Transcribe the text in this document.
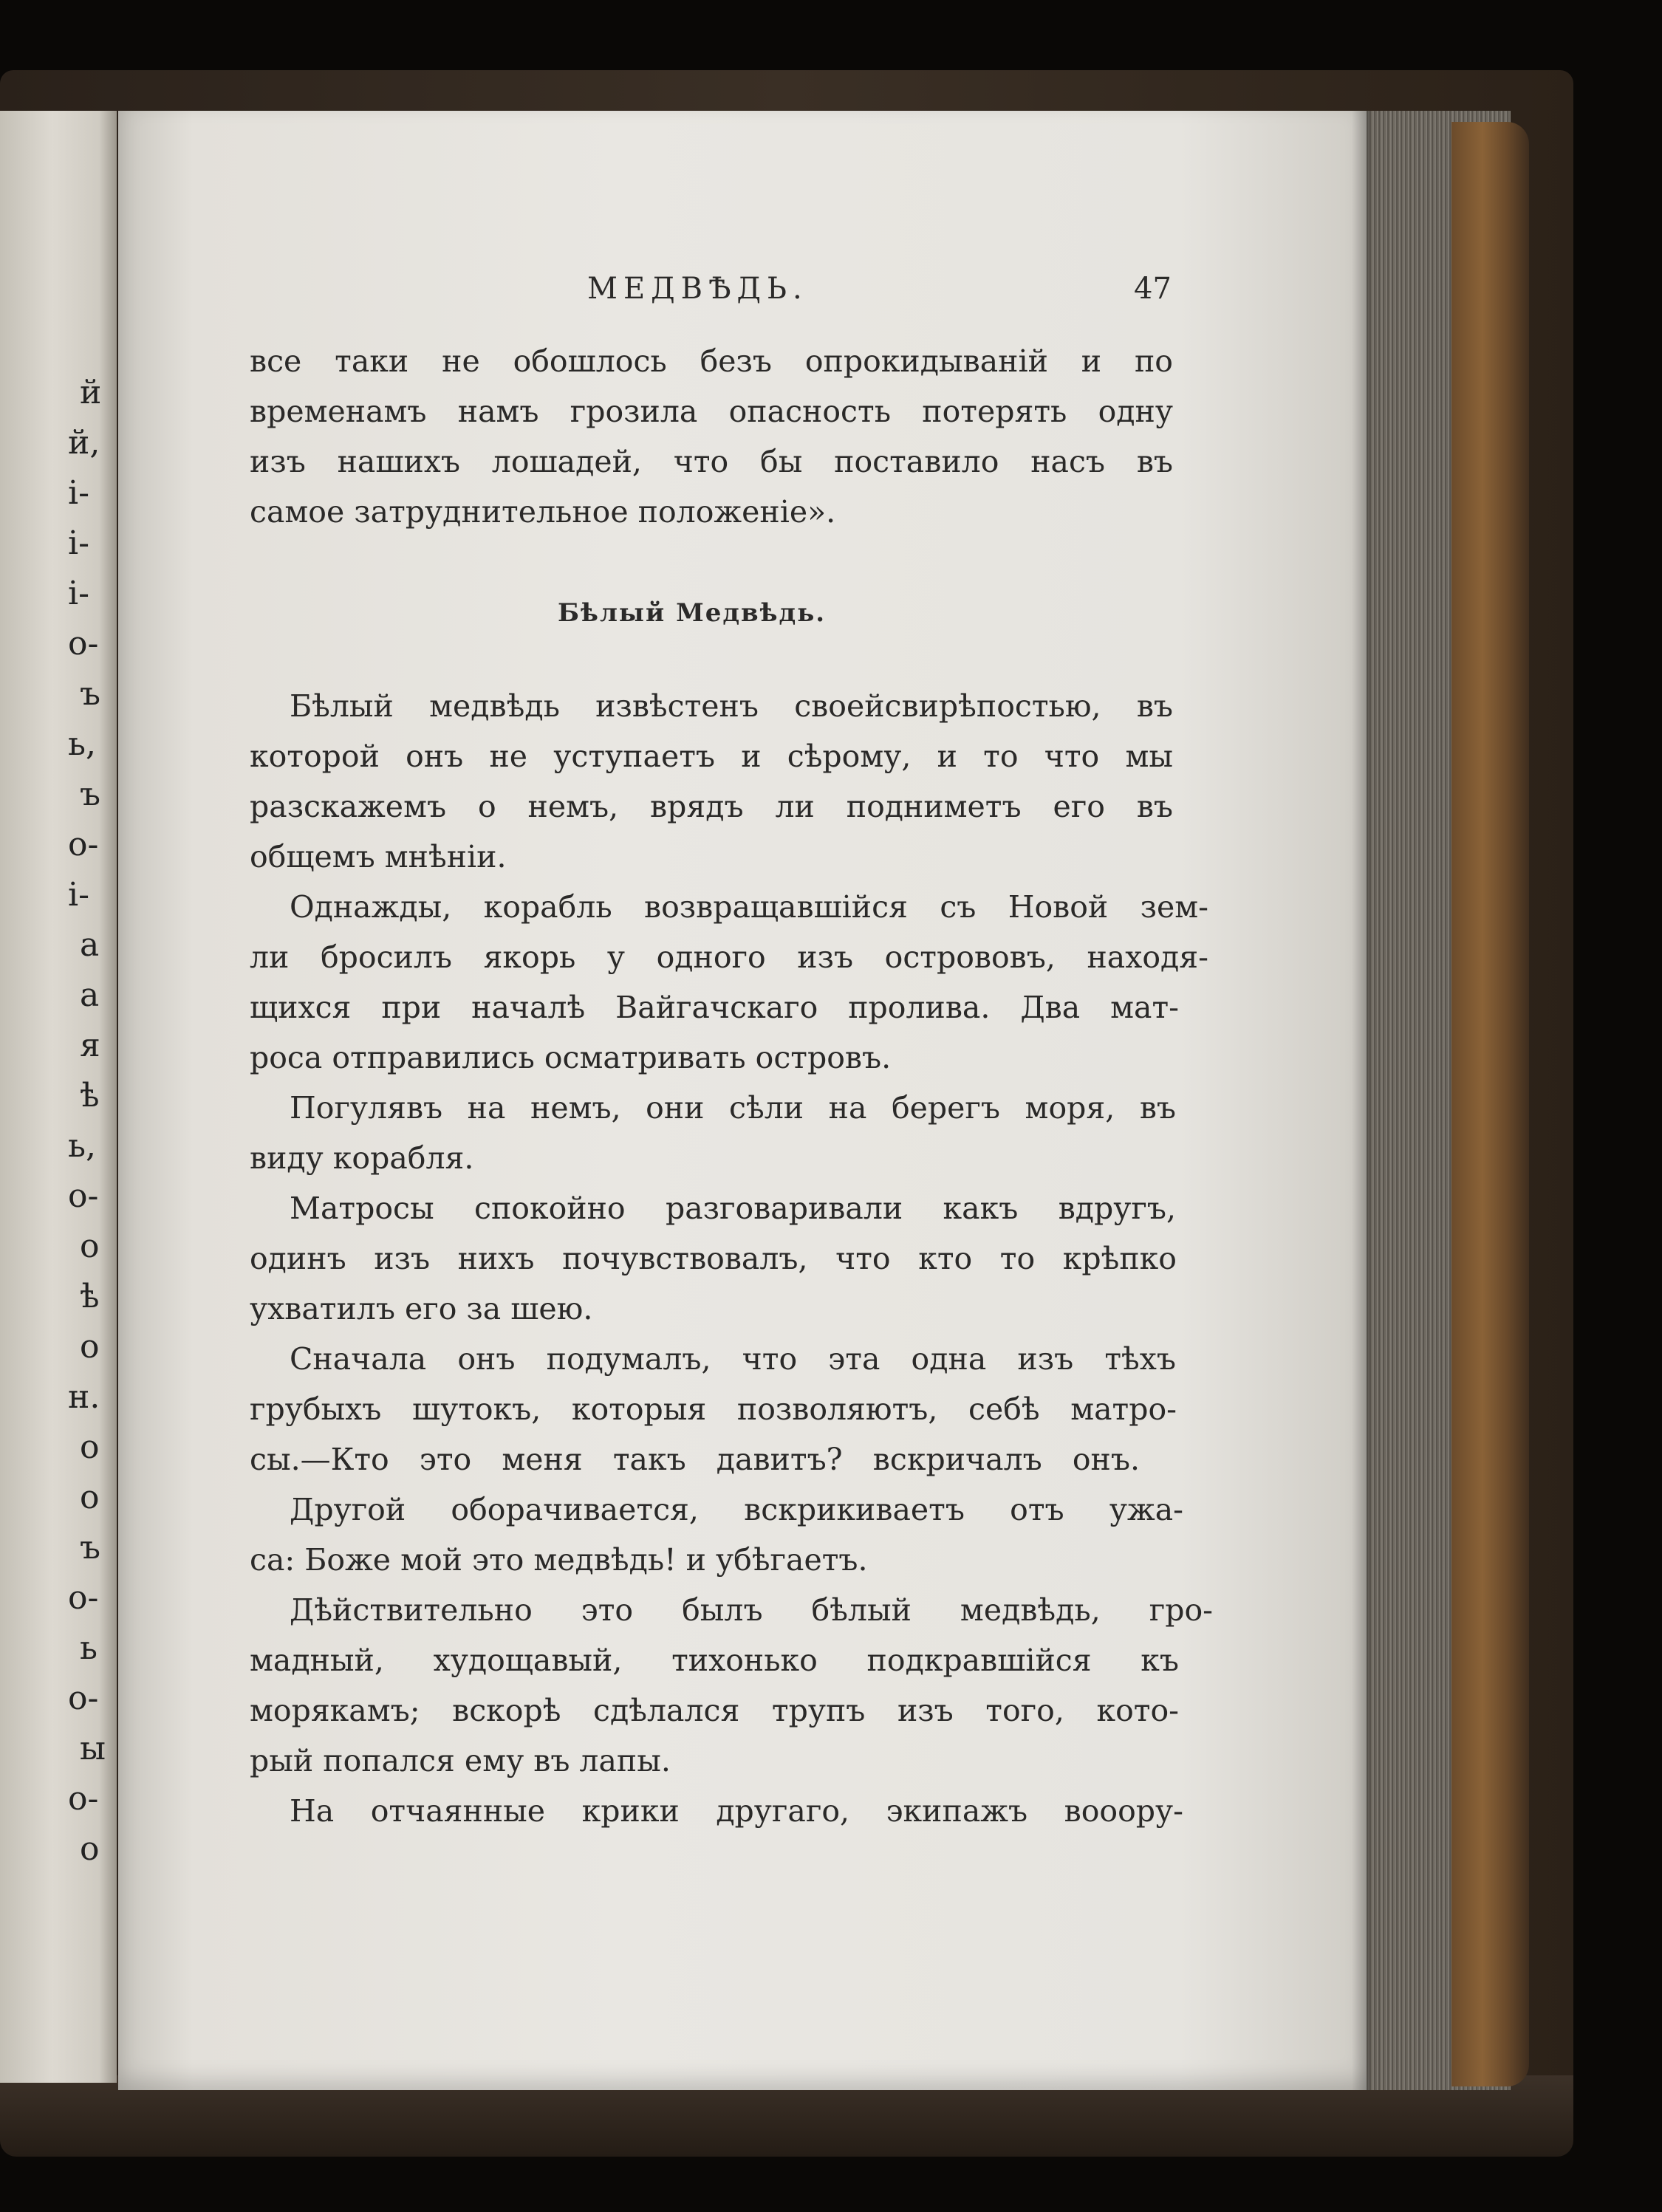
й
й,
і-
і-
і-
о-
ъ
ь,
ъ
о-
і-
а
а
я
ѣ
ь,
о-
о
ѣ
о
н.
о
о
ъ
о-
ь
о-
ы
о-
о
МЕДВѢДЬ.	47
Бѣлый Медвѣдь.
все таки не обошлось безъ опрокидываній и по
временамъ намъ грозила опасность потерять одну
изъ нашихъ лошадей, что бы поставило насъ въ
самое затруднительное положеніе».
Бѣлый медвѣдь извѣстенъ своейсвирѣпостью, въ
которой онъ не уступаетъ и сѣрому, и то что мы
разскажемъ о немъ, врядъ ли подниметъ его въ
общемъ мнѣніи.
Однажды, корабль возвращавшійся съ Новой зем-
ли бросилъ якорь у одного изъ острововъ, находя-
щихся при началѣ Вайгачскаго пролива. Два мат-
роса отправились осматривать островъ.
Погулявъ на немъ, они сѣли на берегъ моря, въ
виду корабля.
Матросы спокойно разговаривали какъ вдругъ,
одинъ изъ нихъ почувствовалъ, что кто то крѣпко
ухватилъ его за шею.
Сначала онъ подумалъ, что эта одна изъ тѣхъ
грубыхъ шутокъ, которыя позволяютъ, себѣ матро-
сы.—Кто это меня такъ давитъ? вскричалъ онъ.
Другой оборачивается, вскрикиваетъ отъ ужа-
са: Боже мой это медвѣдь! и убѣгаетъ.
Дѣйствительно это былъ бѣлый медвѣдь, гро-
мадный, худощавый, тихонько подкравшійся къ
морякамъ; вскорѣ сдѣлался трупъ изъ того, кото-
рый попался ему въ лапы.
На отчаянные крики другаго, экипажъ вооору-
